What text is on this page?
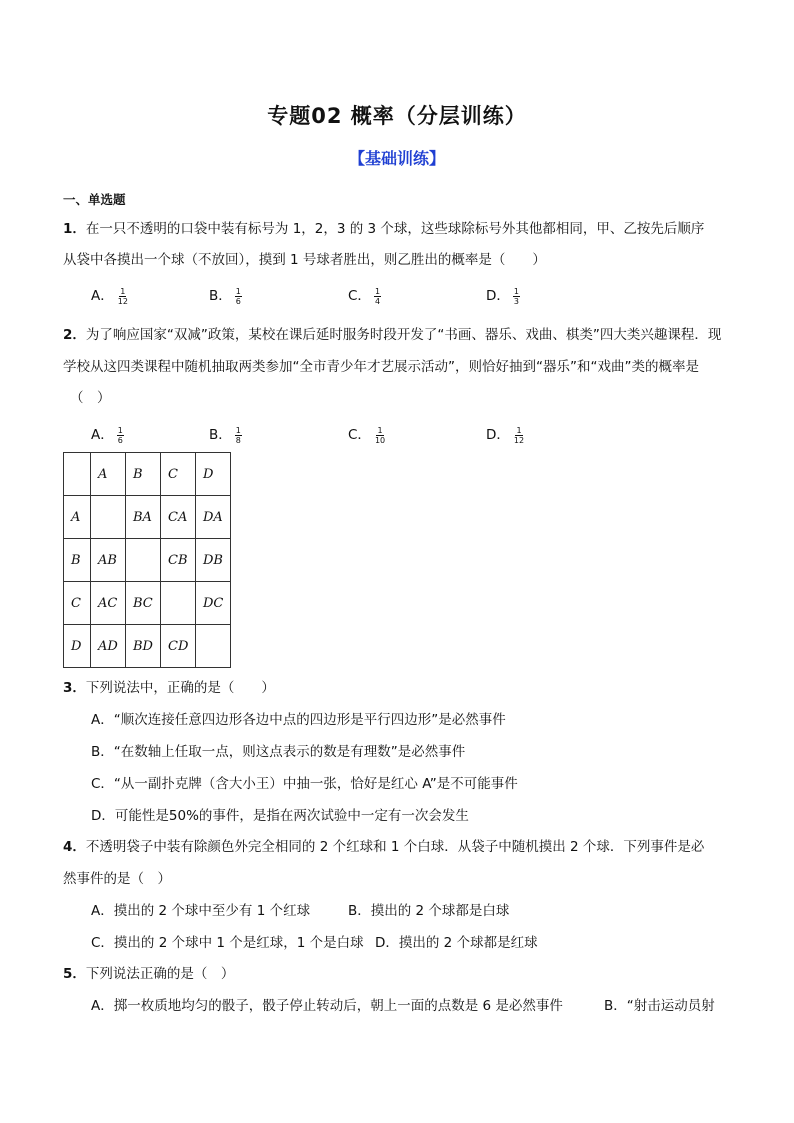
专题02 概率（分层训练）
【基础训练】
一、单选题
1．在一只不透明的口袋中装有标号为 1，2，3 的 3 个球，这些球除标号外其他都相同，甲、乙按先后顺序
从袋中各摸出一个球（不放回），摸到 1 号球者胜出，则乙胜出的概率是（　　）
A． $\frac{1}{12}$	B． $\frac{1}{6}$	C． $\frac{1}{4}$	D． $\frac{1}{3}$
2．为了响应国家“双减”政策，某校在课后延时服务时段开发了“书画、器乐、戏曲、棋类”四大类兴趣课程．现
学校从这四类课程中随机抽取两类参加“全市青少年才艺展示活动”，则恰好抽到“器乐”和“戏曲”类的概率是
（　）
A． $\frac{1}{6}$	B． $\frac{1}{8}$	C． $\frac{1}{10}$	D． $\frac{1}{12}$
	A	B	C	D
A		BA	CA	DA
B	AB		CB	DB
C	AC	BC		DC
D	AD	BD	CD	
3．下列说法中，正确的是（　　）
A．“顺次连接任意四边形各边中点的四边形是平行四边形”是必然事件
B．“在数轴上任取一点，则这点表示的数是有理数”是必然事件
C．“从一副扑克牌（含大小王）中抽一张，恰好是红心 A”是不可能事件
D．可能性是50%的事件，是指在两次试验中一定有一次会发生
4．不透明袋子中装有除颜色外完全相同的 2 个红球和 1 个白球．从袋子中随机摸出 2 个球．下列事件是必
然事件的是（　）
A．摸出的 2 个球中至少有 1 个红球	B．摸出的 2 个球都是白球
C．摸出的 2 个球中 1 个是红球，1 个是白球 D．摸出的 2 个球都是红球
5．下列说法正确的是（　）
A．掷一枚质地均匀的骰子，骰子停止转动后，朝上一面的点数是 6 是必然事件	B．“射击运动员射
